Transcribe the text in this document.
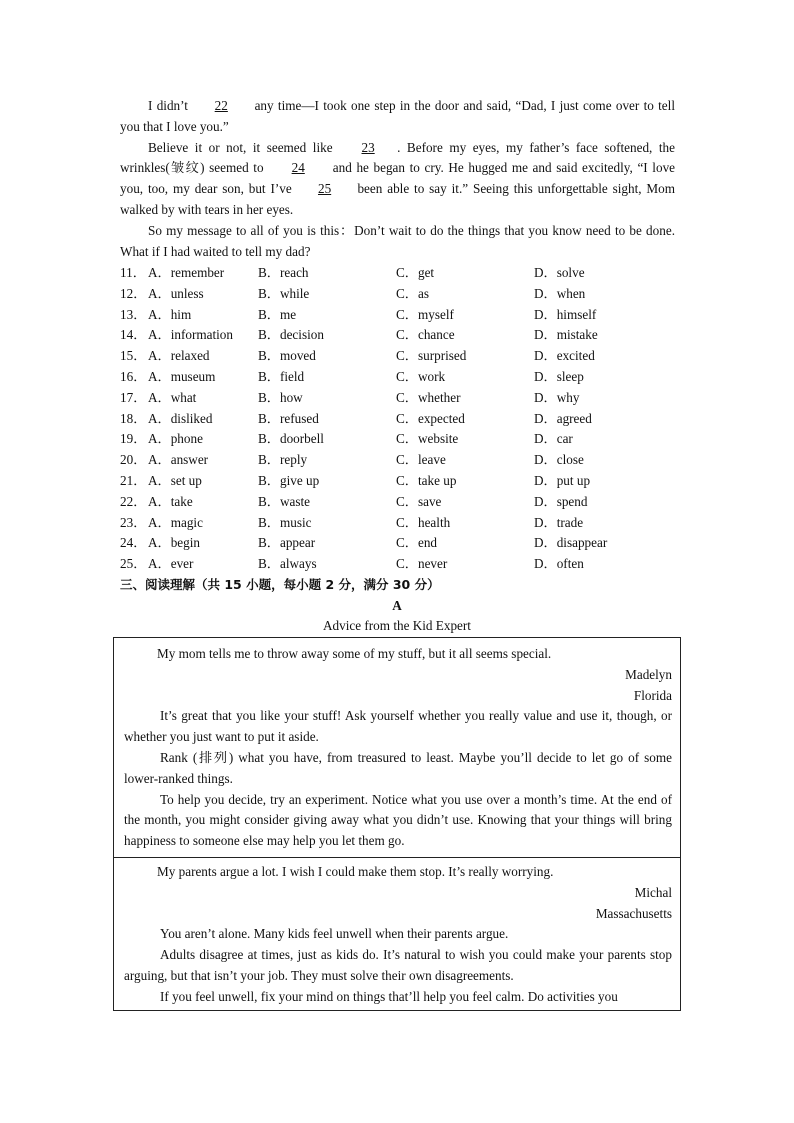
I didn’t 22 any time—I took one step in the door and said, “Dad, I just come over to tell you that I love you.”

Believe it or not, it seemed like 23 . Before my eyes, my father’s face softened, the wrinkles(皱纹) seemed to 24 and he began to cry. He hugged me and said excitedly, “I love you, too, my dear son, but I’ve 25 been able to say it.” Seeing this unforgettable sight, Mom walked by with tears in her eyes.

So my message to all of you is this：Don’t wait to do the things that you know need to be done. What if I had waited to tell my dad?

11． A．remember	B．reach	C．get	D．solve
12． A．unless	B．while	C．as	D．when
13． A．him	B．me	C．myself	D．himself
14． A．information B．decision	C．chance	D．mistake
15． A．relaxed	B．moved	C．surprised	D．excited
16． A．museum	B．field	C．work	D．sleep
17． A．what	B．how	C．whether	D．why
18． A．disliked	B．refused	C．expected	D．agreed
19． A．phone	B．doorbell	C．website	D．car
20． A．answer	B．reply	C．leave	D．close
21． A．set up	B．give up	C．take up	D．put up
22． A．take	B．waste	C．save	D．spend
23． A．magic	B．music	C．health	D．trade
24． A．begin	B．appear	C．end	D．disappear
25． A．ever	B．always	C．never	D．often
三、阅读理解（共 15 小题，每小题 2 分，满分 30 分）
A
Advice from the Kid Expert

My mom tells me to throw away some of my stuff, but it all seems special.

Madelyn

Florida

It’s great that you like your stuff! Ask yourself whether you really value and use it, though, or whether you just want to put it aside.

Rank (排列) what you have, from treasured to least. Maybe you’ll decide to let go of some lower-ranked things.

To help you decide, try an experiment. Notice what you use over a month’s time. At the end of the month, you might consider giving away what you didn’t use. Knowing that your things will bring happiness to someone else may help you let them go.

My parents argue a lot. I wish I could make them stop. It’s really worrying.

Michal

Massachusetts

You aren’t alone. Many kids feel unwell when their parents argue.

Adults disagree at times, just as kids do. It’s natural to wish you could make your parents stop arguing, but that isn’t your job. They must solve their own disagreements.

If you feel unwell, fix your mind on things that’ll help you feel calm. Do activities you
